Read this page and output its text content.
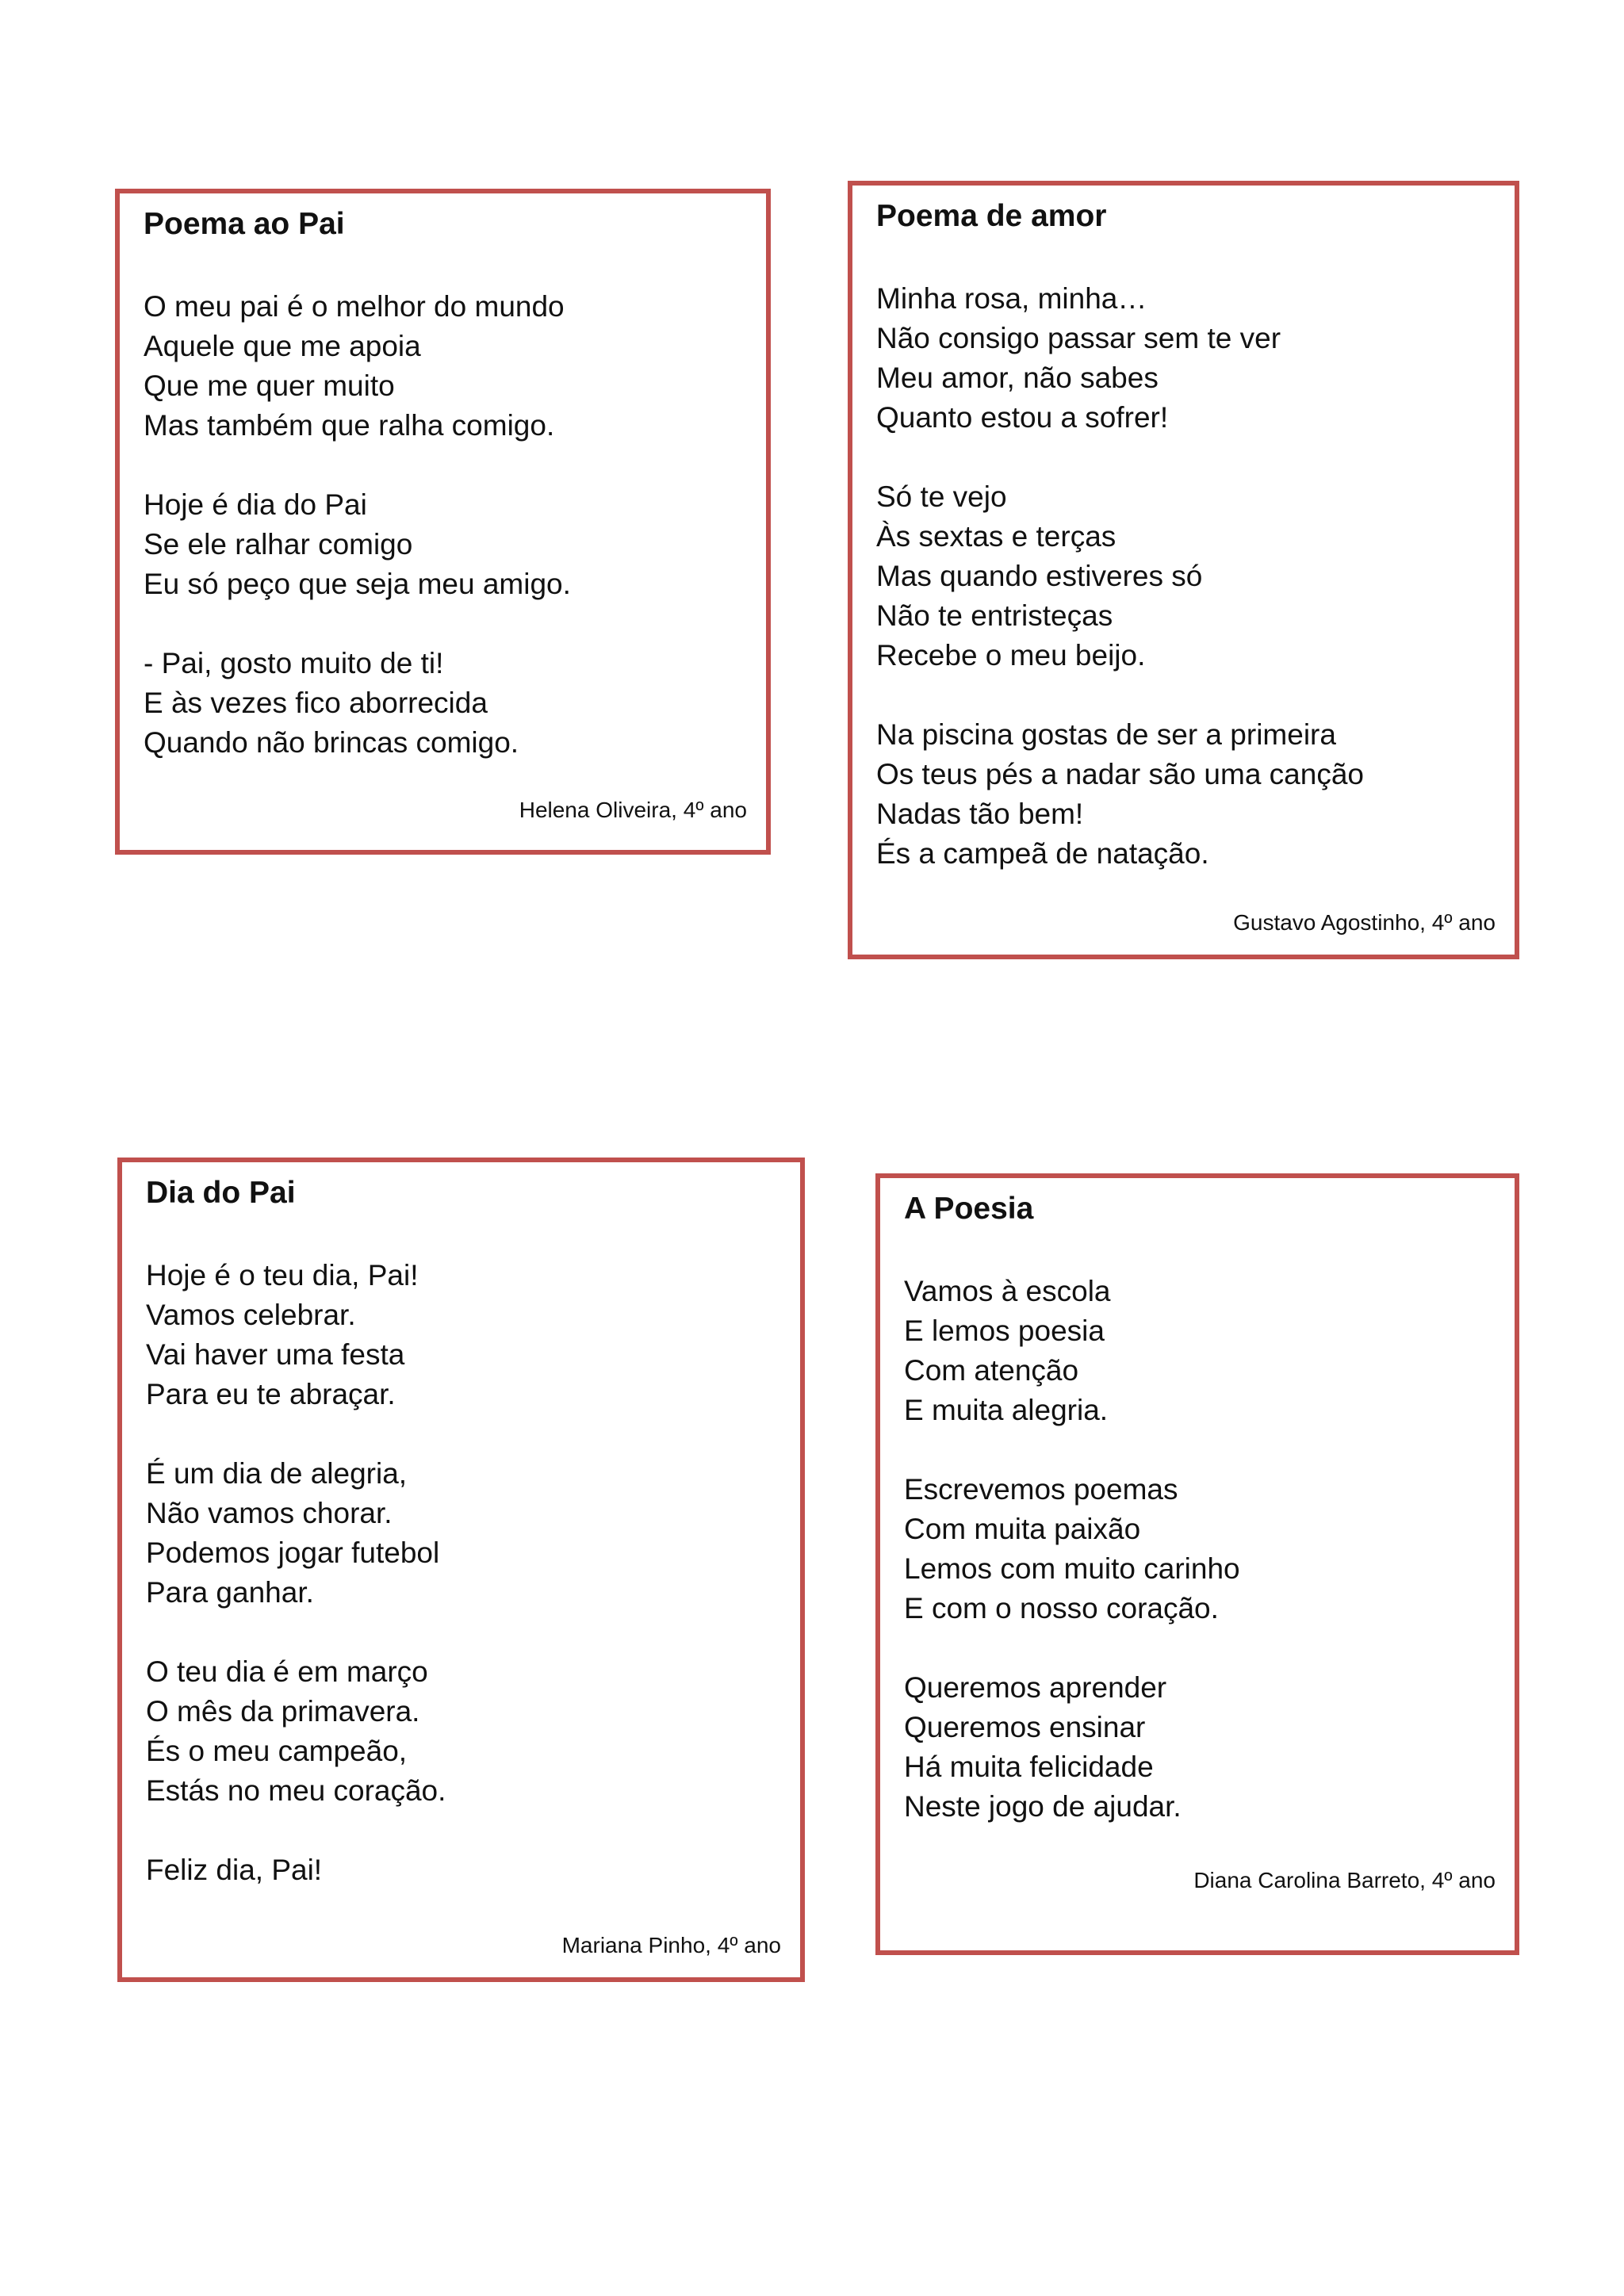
Poema ao Pai
O meu pai é o melhor do mundo
Aquele que me apoia
Que me quer muito
Mas também que ralha comigo.
Hoje é dia do Pai
Se ele ralhar comigo
Eu só peço que seja meu amigo.
- Pai, gosto muito de ti!
E às vezes fico aborrecida
Quando não brincas comigo.
Helena Oliveira, 4º ano
Poema de amor
Minha rosa, minha…
Não consigo passar sem te ver
Meu amor, não sabes
Quanto estou a sofrer!
Só te vejo
Às sextas e terças
Mas quando estiveres só
Não te entristeças
Recebe o meu beijo.
Na piscina gostas de ser a primeira
Os teus pés a nadar são uma canção
Nadas tão bem!
És a campeã de natação.
Gustavo Agostinho, 4º ano
Dia do Pai
Hoje é o teu dia, Pai!
Vamos celebrar.
Vai haver uma festa
Para eu te abraçar.
É um dia de alegria,
Não vamos chorar.
Podemos jogar futebol
Para ganhar.
O teu dia é em março
O mês da primavera.
És o meu campeão,
Estás no meu coração.
Feliz dia, Pai!
Mariana Pinho, 4º ano
A Poesia
Vamos à escola
E lemos poesia
Com atenção
E muita alegria.
Escrevemos poemas
Com muita paixão
Lemos com muito carinho
E com o nosso coração.
Queremos aprender
Queremos ensinar
Há muita felicidade
Neste jogo de ajudar.
Diana Carolina Barreto, 4º ano
